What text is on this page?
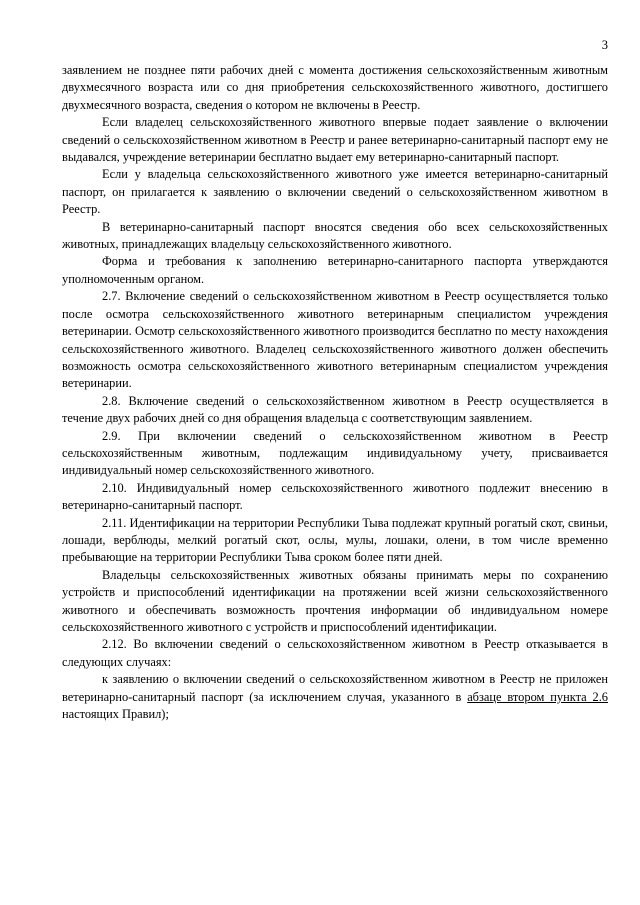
3

заявлением не позднее пяти рабочих дней с момента достижения сельскохозяйственным животным двухмесячного возраста или со дня приобретения сельскохозяйственного животного, достигшего двухмесячного возраста, сведения о котором не включены в Реестр.

Если владелец сельскохозяйственного животного впервые подает заявление о включении сведений о сельскохозяйственном животном в Реестр и ранее ветеринарно-санитарный паспорт ему не выдавался, учреждение ветеринарии бесплатно выдает ему ветеринарно-санитарный паспорт.

Если у владельца сельскохозяйственного животного уже имеется ветеринарно-санитарный паспорт, он прилагается к заявлению о включении сведений о сельскохозяйственном животном в Реестр.

В ветеринарно-санитарный паспорт вносятся сведения обо всех сельскохозяйственных животных, принадлежащих владельцу сельскохозяйственного животного.

Форма и требования к заполнению ветеринарно-санитарного паспорта утверждаются уполномоченным органом.

2.7. Включение сведений о сельскохозяйственном животном в Реестр осуществляется только после осмотра сельскохозяйственного животного ветеринарным специалистом учреждения ветеринарии. Осмотр сельскохозяйственного животного производится бесплатно по месту нахождения сельскохозяйственного животного. Владелец сельскохозяйственного животного должен обеспечить возможность осмотра сельскохозяйственного животного ветеринарным специалистом учреждения ветеринарии.

2.8. Включение сведений о сельскохозяйственном животном в Реестр осуществляется в течение двух рабочих дней со дня обращения владельца с соответствующим заявлением.

2.9. При включении сведений о сельскохозяйственном животном в Реестр сельскохозяйственным животным, подлежащим индивидуальному учету, присваивается индивидуальный номер сельскохозяйственного животного.

2.10. Индивидуальный номер сельскохозяйственного животного подлежит внесению в ветеринарно-санитарный паспорт.

2.11. Идентификации на территории Республики Тыва подлежат крупный рогатый скот, свиньи, лошади, верблюды, мелкий рогатый скот, ослы, мулы, лошаки, олени, в том числе временно пребывающие на территории Республики Тыва сроком более пяти дней.

Владельцы сельскохозяйственных животных обязаны принимать меры по сохранению устройств и приспособлений идентификации на протяжении всей жизни сельскохозяйственного животного и обеспечивать возможность прочтения информации об индивидуальном номере сельскохозяйственного животного с устройств и приспособлений идентификации.

2.12. Во включении сведений о сельскохозяйственном животном в Реестр отказывается в следующих случаях:

к заявлению о включении сведений о сельскохозяйственном животном в Реестр не приложен ветеринарно-санитарный паспорт (за исключением случая, указанного в абзаце втором пункта 2.6 настоящих Правил);
